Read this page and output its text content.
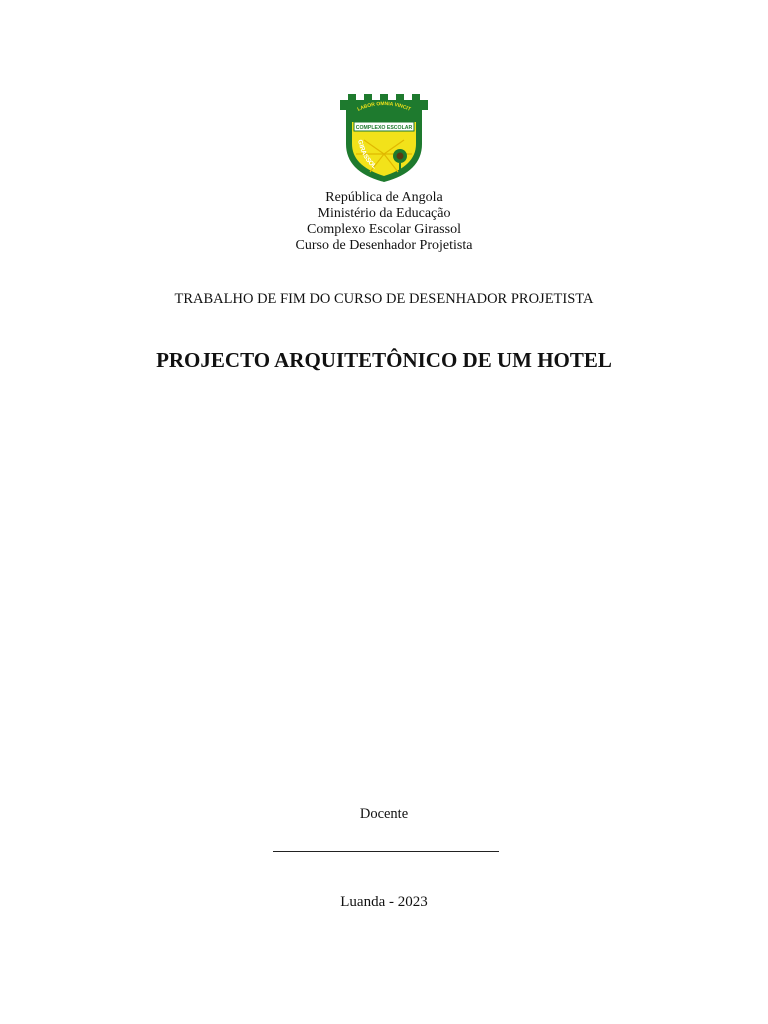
COMPLEXO ESCOLAR
LABOR OMNIA VINCIT
GIRASSOL
República de Angola
Ministério da Educação
Complexo Escolar Girassol
Curso de Desenhador Projetista
TRABALHO DE FIM DO CURSO DE DESENHADOR PROJETISTA
PROJECTO ARQUITETÔNICO DE UM HOTEL
Docente
Luanda - 2023
